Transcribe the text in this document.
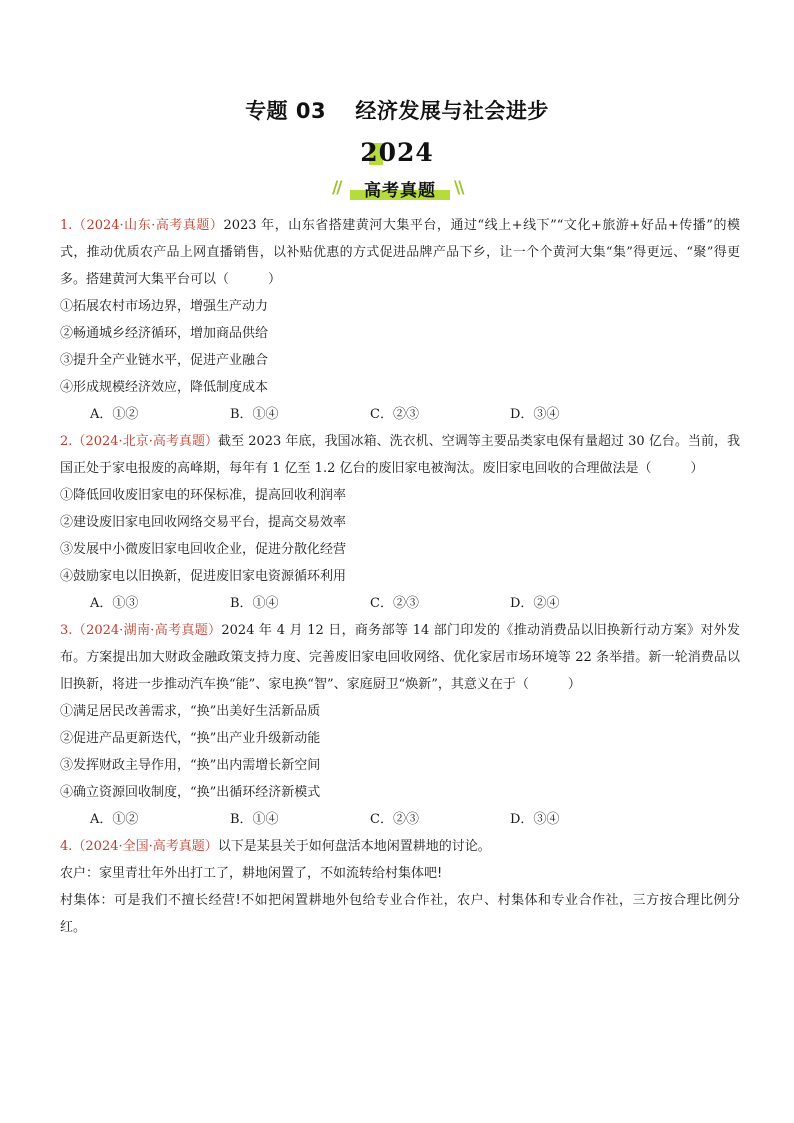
专题 03　 经济发展与社会进步
2024
//	高考真题	\\

1.（2024·山东·高考真题）2023 年，山东省搭建黄河大集平台，通过“线上+线下”“文化+旅游+好品+传播”的模式，推动优质农产品上网直播销售，以补贴优惠的方式促进品牌产品下乡，让一个个黄河大集“集”得更远、“聚”得更多。搭建黄河大集平台可以（　　　）

①拓展农村市场边界，增强生产动力

②畅通城乡经济循环，增加商品供给

③提升全产业链水平，促进产业融合

④形成规模经济效应，降低制度成本

A．①②	B．①④	C．②③	D．③④

2.（2024·北京·高考真题）截至 2023 年底，我国冰箱、洗衣机、空调等主要品类家电保有量超过 30 亿台。当前，我国正处于家电报废的高峰期，每年有 1 亿至 1.2 亿台的废旧家电被淘汰。废旧家电回收的合理做法是（　　　）

①降低回收废旧家电的环保标准，提高回收利润率

②建设废旧家电回收网络交易平台，提高交易效率

③发展中小微废旧家电回收企业，促进分散化经营

④鼓励家电以旧换新，促进废旧家电资源循环利用

A．①③	B．①④	C．②③	D．②④

3.（2024·湖南·高考真题）2024 年 4 月 12 日，商务部等 14 部门印发的《推动消费品以旧换新行动方案》对外发布。方案提出加大财政金融政策支持力度、完善废旧家电回收网络、优化家居市场环境等 22 条举措。新一轮消费品以旧换新，将进一步推动汽车换“能”、家电换“智”、家庭厨卫“焕新”，其意义在于（　　　）

①满足居民改善需求，“换”出美好生活新品质

②促进产品更新迭代，“换”出产业升级新动能

③发挥财政主导作用，“换”出内需增长新空间

④确立资源回收制度，“换”出循环经济新模式

A．①②	B．①④	C．②③	D．③④

4.（2024·全国·高考真题）以下是某县关于如何盘活本地闲置耕地的讨论。

农户：家里青壮年外出打工了，耕地闲置了，不如流转给村集体吧!

村集体：可是我们不擅长经营!不如把闲置耕地外包给专业合作社，农户、村集体和专业合作社，三方按合理比例分红。
